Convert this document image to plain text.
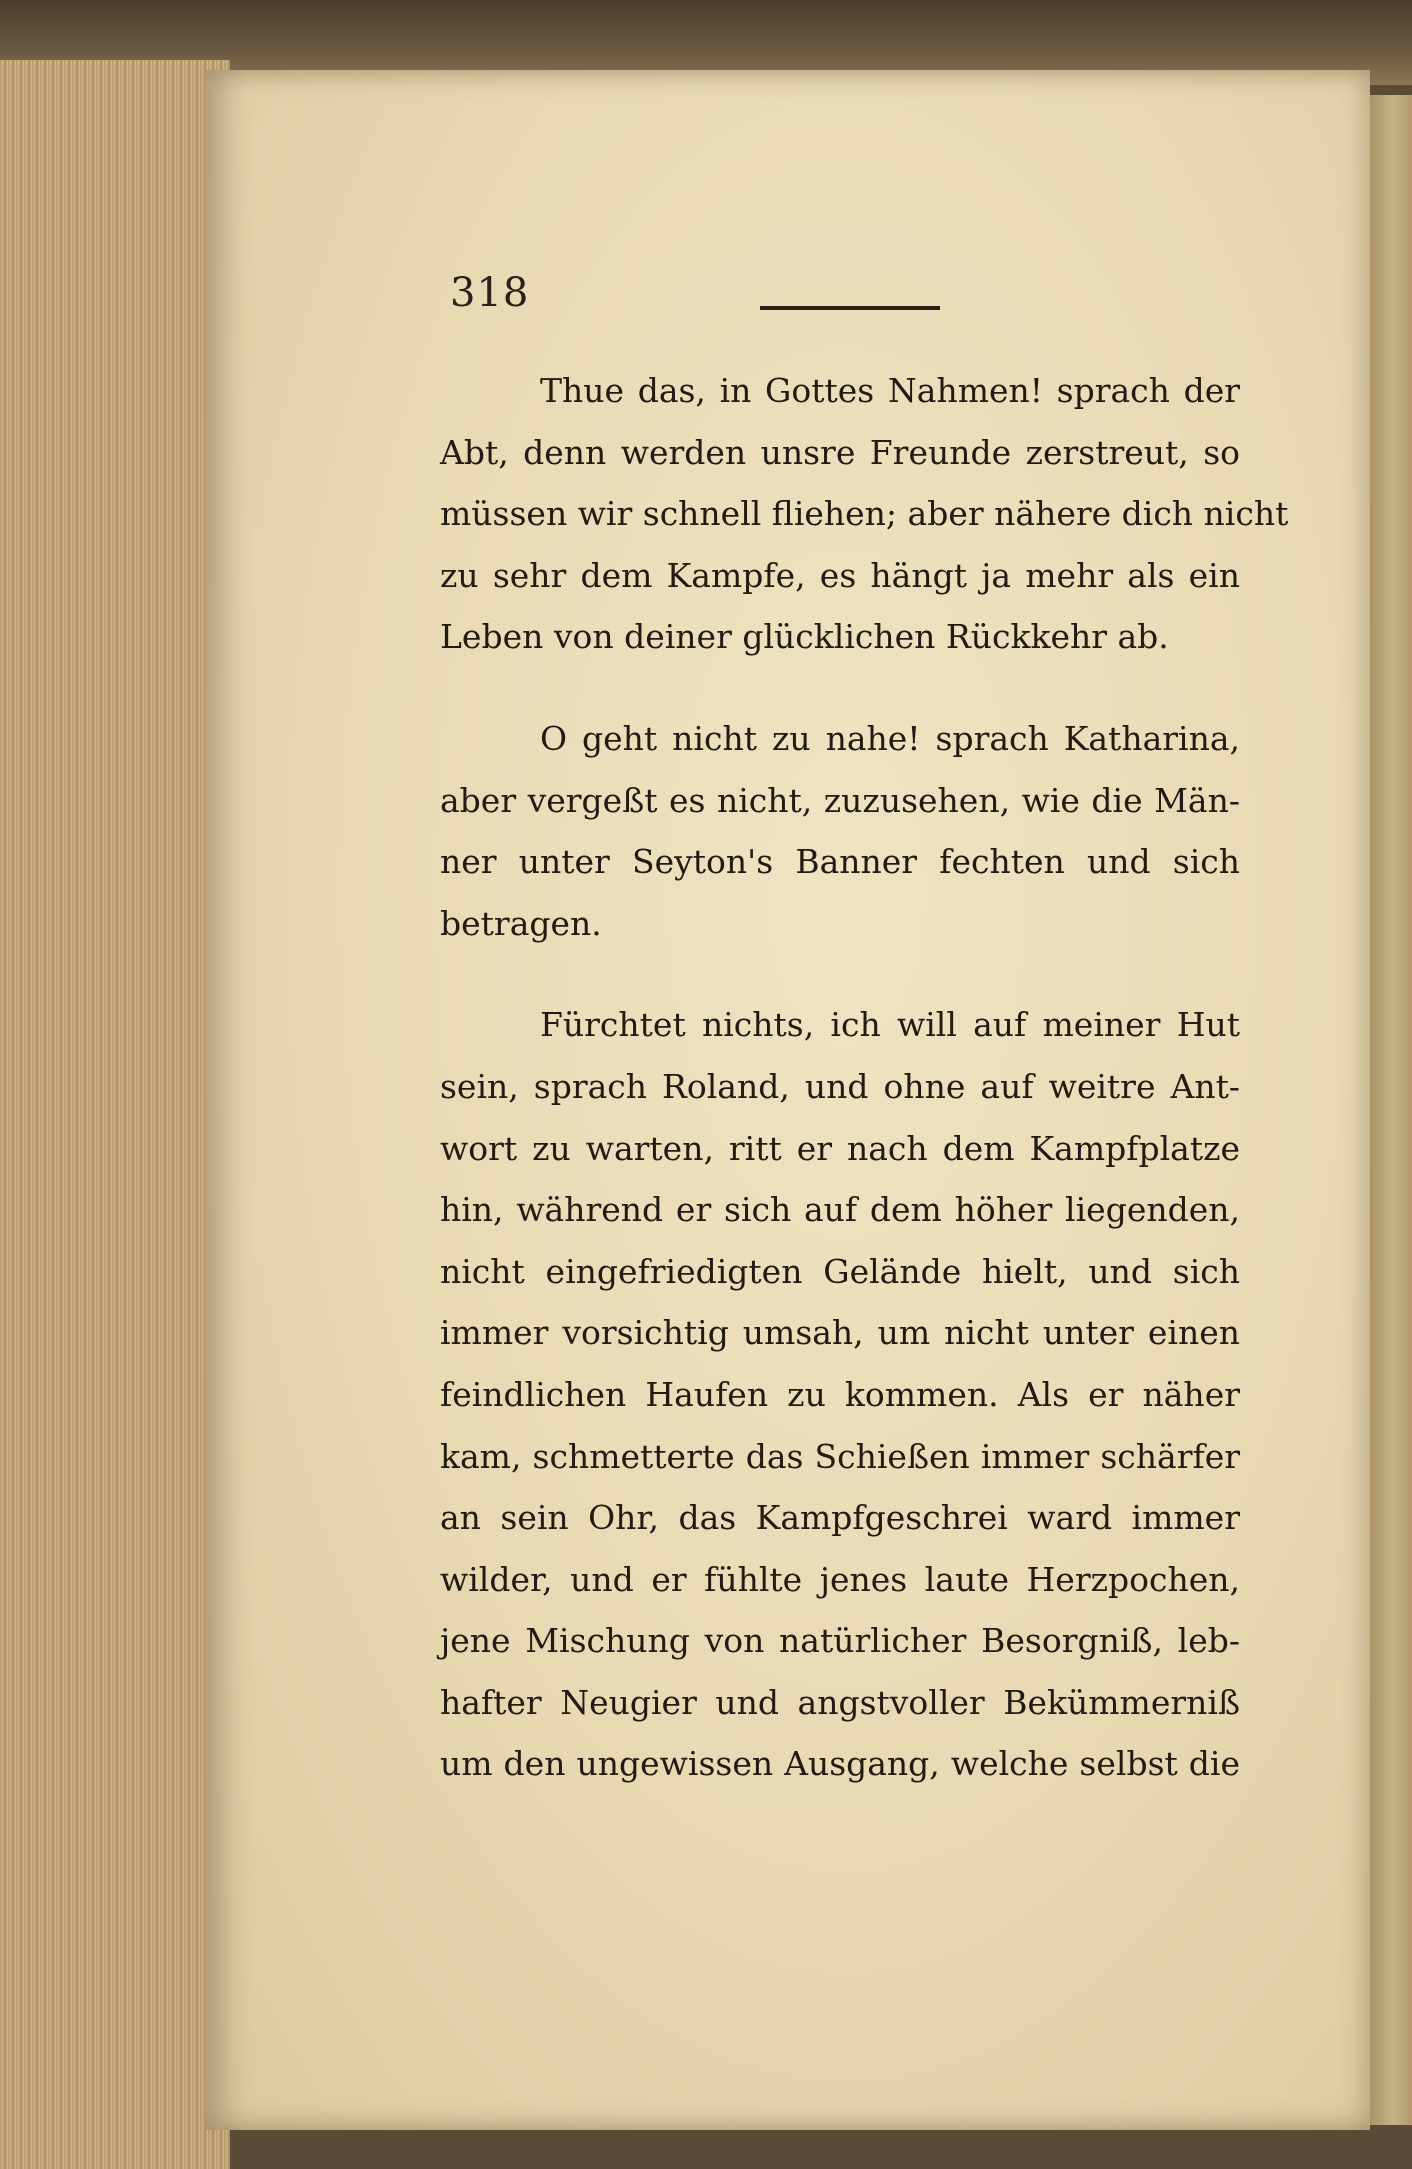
318
Thue das, in Gottes Nahmen! sprach der
Abt, denn werden unsre Freunde zerstreut, so
müssen wir schnell fliehen; aber nähere dich nicht
zu sehr dem Kampfe, es hängt ja mehr als ein
Leben von deiner glücklichen Rückkehr ab.
O geht nicht zu nahe! sprach Katharina,
aber vergeßt es nicht, zuzusehen, wie die Män-
ner unter Seyton's Banner fechten und sich
betragen.
Fürchtet nichts, ich will auf meiner Hut
sein, sprach Roland, und ohne auf weitre Ant-
wort zu warten, ritt er nach dem Kampfplatze
hin, während er sich auf dem höher liegenden,
nicht eingefriedigten Gelände hielt, und sich
immer vorsichtig umsah, um nicht unter einen
feindlichen Haufen zu kommen. Als er näher
kam, schmetterte das Schießen immer schärfer
an sein Ohr, das Kampfgeschrei ward immer
wilder, und er fühlte jenes laute Herzpochen,
jene Mischung von natürlicher Besorgniß, leb-
hafter Neugier und angstvoller Bekümmerniß
um den ungewissen Ausgang, welche selbst die
